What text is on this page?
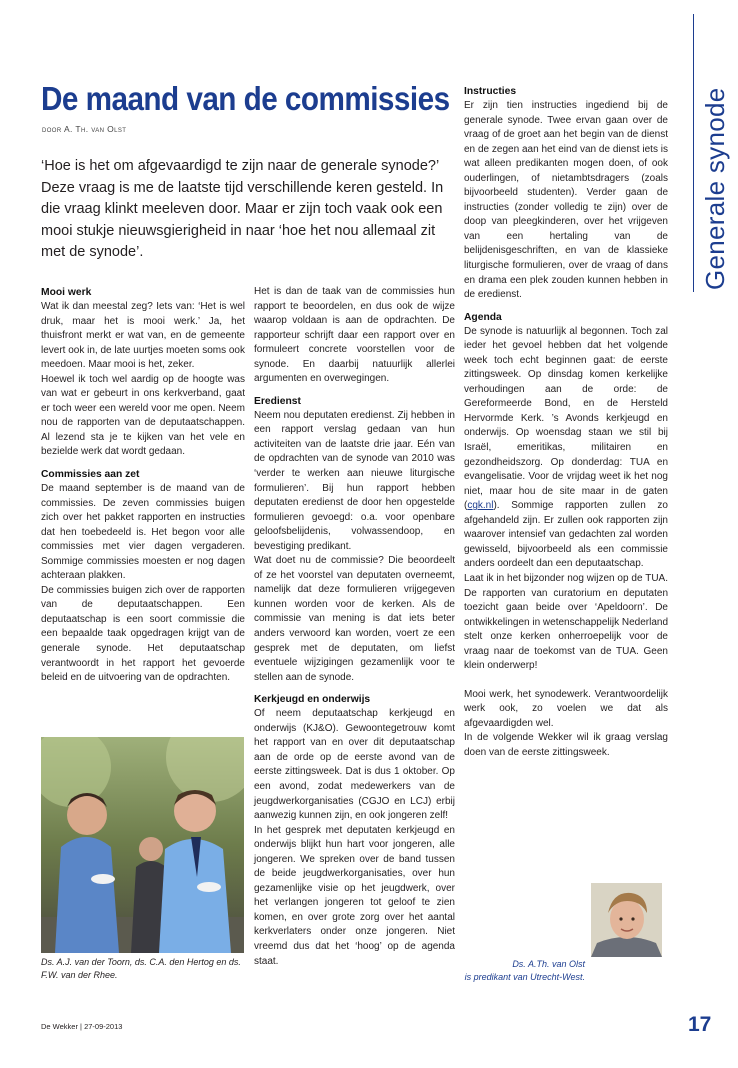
De maand van de commissies
door A. Th. van Olst

‘Hoe is het om afgevaardigd te zijn naar de generale synode?’ Deze vraag is me de laatste tijd verschillende keren gesteld. In die vraag klinkt meeleven door. Maar er zijn toch vaak ook een mooi stukje nieuwsgierigheid in naar ‘hoe het nou allemaal zit met de synode’.

Mooi werk

Wat ik dan meestal zeg? Iets van: ‘Het is wel druk, maar het is mooi werk.’ Ja, het thuisfront merkt er wat van, en de gemeente levert ook in, de late uurtjes moeten soms ook meedoen. Maar mooi is het, zeker.

Hoewel ik toch wel aardig op de hoogte was van wat er gebeurt in ons kerkverband, gaat er toch weer een wereld voor me open. Neem nou de rapporten van de deputaatschappen. Al lezend sta je te kijken van het vele en bezielde werk dat wordt gedaan.

Commissies aan zet

De maand september is de maand van de commissies. De zeven commissies buigen zich over het pakket rapporten en instructies dat hen toebedeeld is. Het begon voor alle commissies met vier dagen vergaderen. Sommige commissies moesten er nog dagen achteraan plakken.

De commissies buigen zich over de rapporten van de deputaatschappen. Een deputaatschap is een soort commissie die een bepaalde taak opgedragen krijgt van de generale synode. Het deputaatschap verantwoordt in het rapport het gevoerde beleid en de uitvoering van de opdrachten.

Ds. A.J. van der Toorn, ds. C.A. den Hertog en ds. F.W. van der Rhee.

Het is dan de taak van de commissies hun rapport te beoordelen, en dus ook de wijze waarop voldaan is aan de opdrachten. De rapporteur schrijft daar een rapport over en formuleert concrete voorstellen voor de synode. En daarbij natuurlijk allerlei argumenten en overwegingen.

Eredienst

Neem nou deputaten eredienst. Zij hebben in een rapport verslag gedaan van hun activiteiten van de laatste drie jaar. Eén van de opdrachten van de synode van 2010 was ‘verder te werken aan nieuwe liturgische formulieren’. Bij hun rapport hebben deputaten eredienst de door hen opgestelde formulieren gevoegd: o.a. voor openbare geloofsbelijdenis, volwassendoop, en bevestiging predikant.

Wat doet nu de commissie? Die beoordeelt of ze het voorstel van deputaten overneemt, namelijk dat deze formulieren vrijgegeven kunnen worden voor de kerken. Als de commissie van mening is dat iets beter anders verwoord kan worden, voert ze een gesprek met de deputaten, om liefst eventuele wijzigingen gezamenlijk voor te stellen aan de synode.

Kerkjeugd en onderwijs

Of neem deputaatschap kerkjeugd en onderwijs (KJ&O). Gewoontegetrouw komt het rapport van en over dit deputaatschap aan de orde op de eerste avond van de eerste zittingsweek. Dat is dus 1 oktober. Op een avond, zodat medewerkers van de jeugdwerkorganisaties (CGJO en LCJ) erbij aanwezig kunnen zijn, en ook jongeren zelf!

In het gesprek met deputaten kerkjeugd en onderwijs blijkt hun hart voor jongeren, alle jongeren. We spreken over de band tussen de beide jeugdwerkorganisaties, over hun gezamenlijke visie op het jeugdwerk, over het verlangen jongeren tot geloof te zien komen, en over grote zorg over het aantal kerkverlaters onder onze jongeren. Niet vreemd dus dat het ‘hoog’ op de agenda staat.

Instructies

Er zijn tien instructies ingediend bij de generale synode. Twee ervan gaan over de vraag of de groet aan het begin van de dienst en de zegen aan het eind van de dienst iets is wat alleen predikanten mogen doen, of ook ouderlingen, of nietambtsdragers (zoals bijvoorbeeld studenten). Verder gaan de instructies (zonder volledig te zijn) over de doop van pleegkinderen, over het vrijgeven van een hertaling van de belijdenisgeschriften, en van de klassieke liturgische formulieren, over de vraag of dans en drama een plek zouden kunnen hebben in de eredienst.

Agenda

De synode is natuurlijk al begonnen. Toch zal ieder het gevoel hebben dat het volgende week toch echt beginnen gaat: de eerste zittingsweek. Op dinsdag komen kerkelijke verhoudingen aan de orde: de Gereformeerde Bond, en de Hersteld Hervormde Kerk. ’s Avonds kerkjeugd en onderwijs. Op woensdag staan we stil bij Israël, emeritikas, militairen en gezondheidszorg. Op donderdag: TUA en evangelisatie. Voor de vrijdag weet ik het nog niet, maar hou de site maar in de gaten (cgk.nl). Sommige rapporten zullen zo afgehandeld zijn. Er zullen ook rapporten zijn waarover intensief van gedachten zal worden gewisseld, bijvoorbeeld als een commissie anders oordeelt dan een deputaatschap.

Laat ik in het bijzonder nog wijzen op de TUA. De rapporten van curatorium en deputaten toezicht gaan beide over ‘Apeldoorn’. De ontwikkelingen in wetenschappelijk Nederland stelt onze kerken onherroepelijk voor de vraag naar de toekomst van de TUA. Geen klein onderwerp!

Mooi werk, het synodewerk. Verantwoordelijk werk ook, zo voelen we dat als afgevaardigden wel.

In de volgende Wekker wil ik graag verslag doen van de eerste zittingsweek.

Ds. A.Th. van Olst
is predikant van Utrecht-West.
Generale synode
De Wekker | 27-09-2013	17
